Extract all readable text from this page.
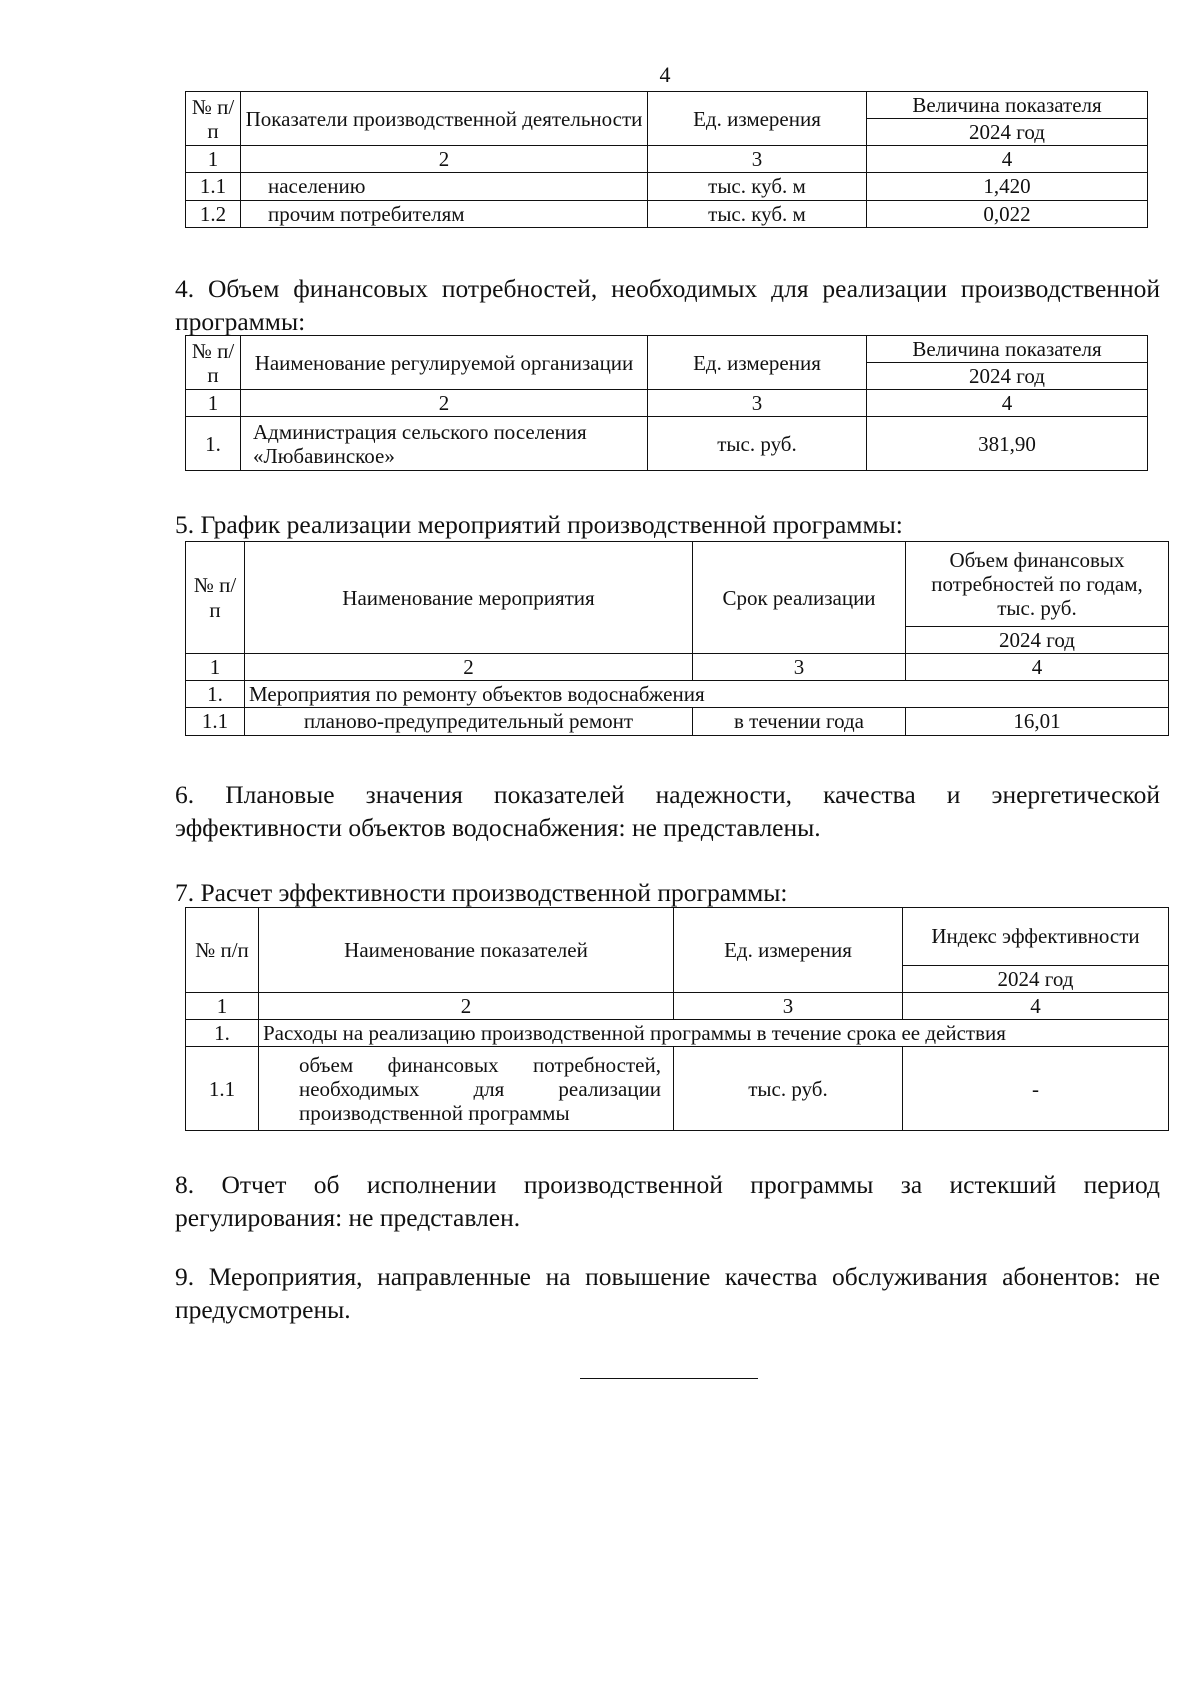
4
№ п/п	Показатели производственной деятельности	Ед. измерения	Величина показателя
			2024 год
1	2	3	4
1.1	населению	тыс. куб. м	1,420
1.2	прочим потребителям	тыс. куб. м	0,022
4. Объем финансовых потребностей, необходимых для реализации производственной программы:
№ п/п	Наименование регулируемой организации	Ед. измерения	Величина показателя
			2024 год
1	2	3	4
1.	Администрация сельского поселения «Любавинское»	тыс. руб.	381,90
5. График реализации мероприятий производственной программы:
№ п/п	Наименование мероприятия	Срок реализации	Объем финансовых потребностей по годам, тыс. руб.
			2024 год
1	2	3	4
1.	Мероприятия по ремонту объектов водоснабжения		
1.1	планово-предупредительный ремонт	в течении года	16,01
6. Плановые значения показателей надежности, качества и энергетической эффективности объектов водоснабжения: не представлены.
7. Расчет эффективности производственной программы:
№ п/п	Наименование показателей	Ед. измерения	Индекс эффективности
			2024 год
1	2	3	4
1.	Расходы на реализацию производственной программы в течение срока ее действия		
1.1	объем финансовых потребностей, необходимых для реализации производственной программы	тыс. руб.	-
8. Отчет об исполнении производственной программы за истекший период регулирования: не представлен.
9. Мероприятия, направленные на повышение качества обслуживания абонентов: не предусмотрены.
